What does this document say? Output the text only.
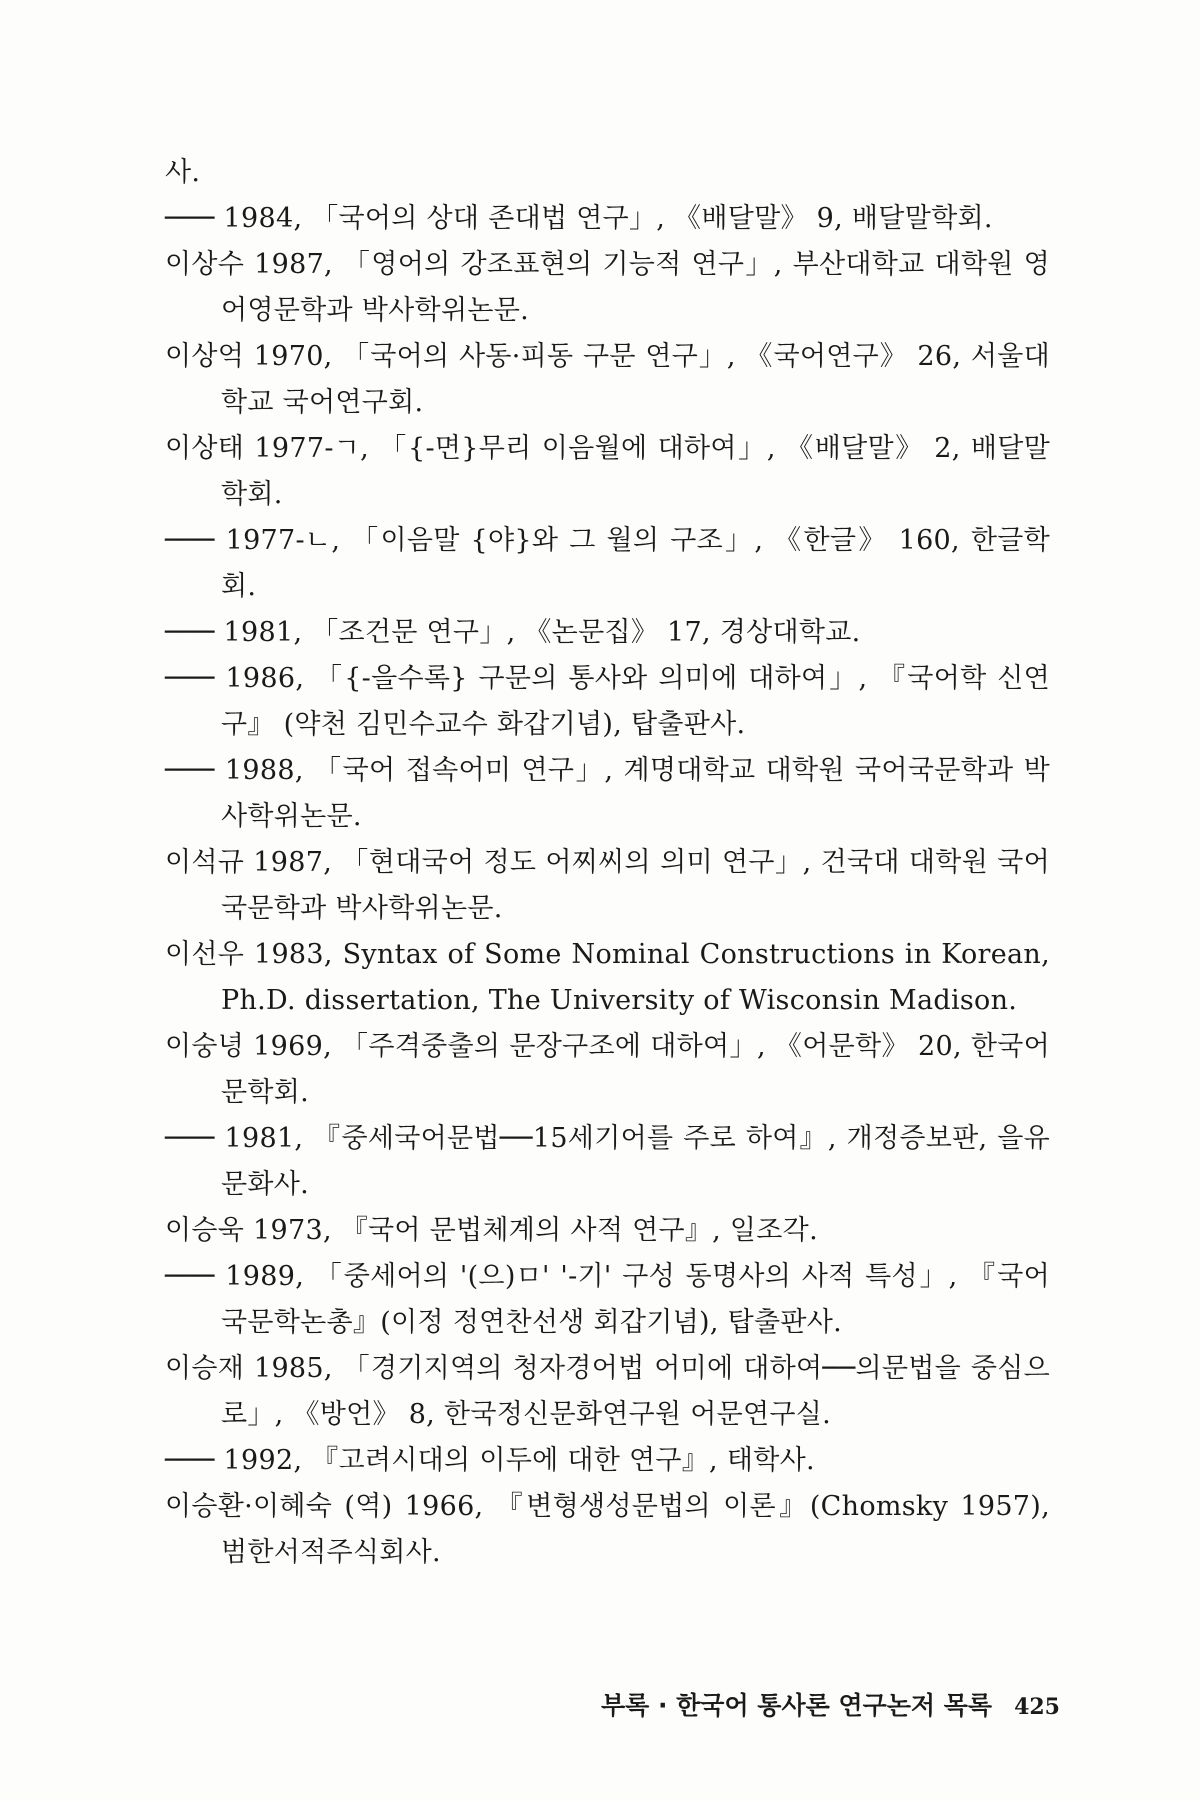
사.

─── 1984, 「국어의 상대 존대법 연구」, 《배달말》 9, 배달말학회.

이상수 1987, 「영어의 강조표현의 기능적 연구」, 부산대학교 대학원 영어영문학과 박사학위논문.

이상억 1970, 「국어의 사동·피동 구문 연구」, 《국어연구》 26, 서울대학교 국어연구회.

이상태 1977-ㄱ, 「{-면}무리 이음월에 대하여」, 《배달말》 2, 배달말학회.

─── 1977-ㄴ, 「이음말 {야}와 그 월의 구조」, 《한글》 160, 한글학회.

─── 1981, 「조건문 연구」, 《논문집》 17, 경상대학교.

─── 1986, 「{-을수록} 구문의 통사와 의미에 대하여」, 『국어학 신연구』 (약천 김민수교수 화갑기념), 탑출판사.

─── 1988, 「국어 접속어미 연구」, 계명대학교 대학원 국어국문학과 박사학위논문.

이석규 1987, 「현대국어 정도 어찌씨의 의미 연구」, 건국대 대학원 국어국문학과 박사학위논문.

이선우 1983, Syntax of Some Nominal Constructions in Korean, Ph.D. dissertation, The University of Wisconsin Madison.

이숭녕 1969, 「주격중출의 문장구조에 대하여」, 《어문학》 20, 한국어문학회.

─── 1981, 『중세국어문법──15세기어를 주로 하여』, 개정증보판, 을유문화사.

이승욱 1973, 『국어 문법체계의 사적 연구』, 일조각.

─── 1989, 「중세어의 '(으)ㅁ' '-기' 구성 동명사의 사적 특성」, 『국어국문학논총』(이정 정연찬선생 회갑기념), 탑출판사.

이승재 1985, 「경기지역의 청자경어법 어미에 대하여──의문법을 중심으로」, 《방언》 8, 한국정신문화연구원 어문연구실.

─── 1992, 『고려시대의 이두에 대한 연구』, 태학사.

이승환·이혜숙 (역) 1966, 『변형생성문법의 이론』(Chomsky 1957), 범한서적주식회사.

부록 · 한국어 통사론 연구논저 목록 425
